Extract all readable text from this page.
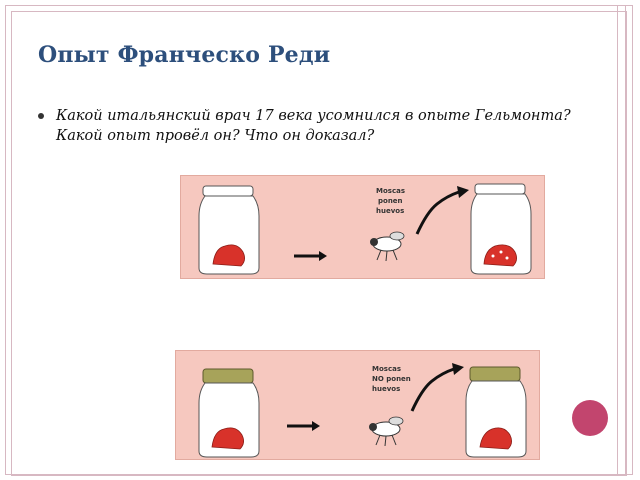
Опыт Франческо Реди
Какой итальянский врач 17 века усомнился в опыте Гельмонта? Какой опыт провёл он? Что он доказал?
Moscas
ponen
huevos
Moscas
NO ponen
huevos
